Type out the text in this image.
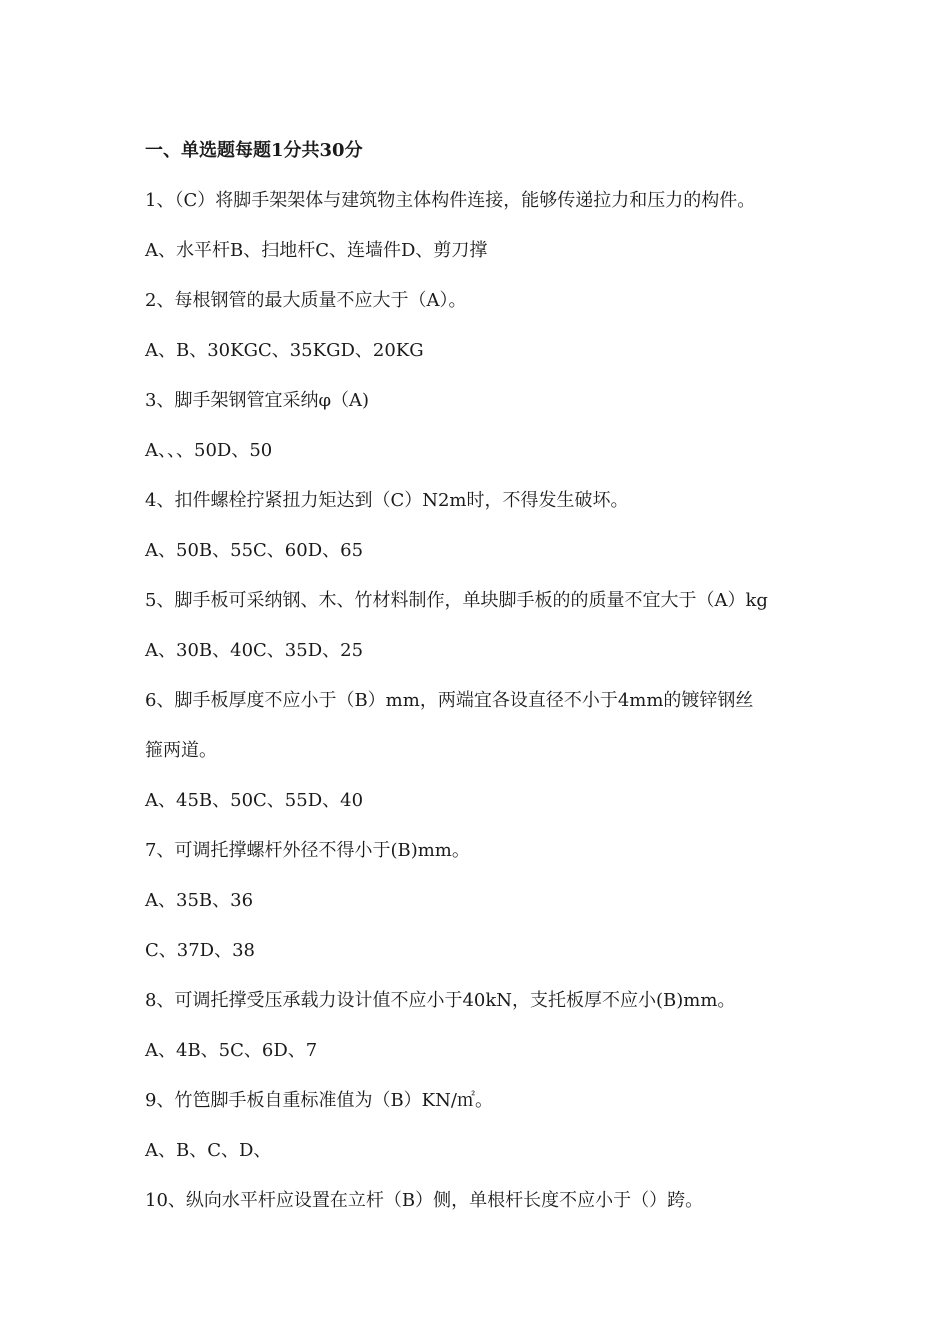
一、单选题每题1分共30分
1、（C）将脚手架架体与建筑物主体构件连接，能够传递拉力和压力的构件。
A、水平杆B、扫地杆C、连墙件D、剪刀撑
2、每根钢管的最大质量不应大于（A）。
A、B、30KGC、35KGD、20KG
3、脚手架钢管宜采纳φ（A)
A、、、50D、50
4、扣件螺栓拧紧扭力矩达到（C）N2m时，不得发生破坏。
A、50B、55C、60D、65
5、脚手板可采纳钢、木、竹材料制作，单块脚手板的的质量不宜大于（A）kg
A、30B、40C、35D、25
6、脚手板厚度不应小于（B）mm，两端宜各设直径不小于4mm的镀锌钢丝
箍两道。
A、45B、50C、55D、40
7、可调托撑螺杆外径不得小于(B)mm。
A、35B、36
C、37D、38
8、可调托撑受压承载力设计值不应小于40kN，支托板厚不应小(B)mm。
A、4B、5C、6D、7
9、竹笆脚手板自重标准值为（B）KN/㎡。
A、B、C、D、
10、纵向水平杆应设置在立杆（B）侧，单根杆长度不应小于（）跨。
